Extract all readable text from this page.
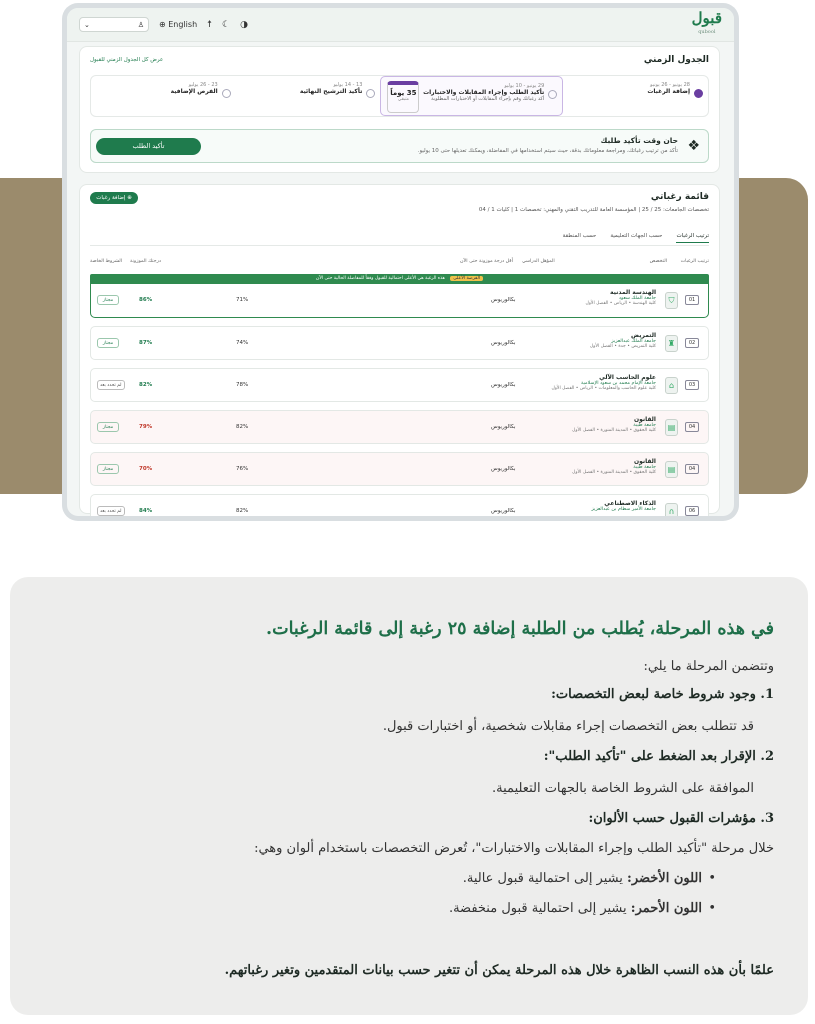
قبول
qubool
⌄	♙ ⊕ English ☨ ☾ ◑
الجدول الزمني
عرض كل الجدول الزمني للقبول
28 يونيو - 26 يونيو
إضافة الرغبات
29 يونيو - 10 يوليو
تأكيد الطلب وإجراء المقابلات والاختبارات
أكد رغباتك وقم بإجراء المقابلات أو الاختبارات المطلوبة
35 يوماً
متبقي
13 - 14 يوليو
تأكيد الترشيح النهائية
23 - 26 يوليو
الفرص الإضافية
❖
حان وقت تأكيد طلبك
تأكد من ترتيب رغباتك، ومراجعة معلوماتك بدقة، حيث سيتم استخدامها في المفاضلة، ويمكنك تعديلها حتى 10 يوليو.
تأكيد الطلب
⊕ إضافة رغبات	قائمة رغباتي
تخصصات الجامعات: 25 / 25 | المؤسسة العامة للتدريب التقني والمهني: تخصصات 1 | كليات 1 / 04
ترتيب الرغبات
حسب الجهات التعليمية
حسب المنطقة
ترتيب الرغبات
التخصص
المؤهل الدراسي
أقل درجة موزونة حتى الآن
درجتك الموزونة
الشروط الخاصة
الفرصة الأعلى هذه الرغبة هي الأعلى احتمالية للقبول وفقاً للمفاضلة الحالية حتى الآن
01
⛉
الهندسة المدنية
جامعة الملك سعود
كلية الهندسة • الرياض • الفصل الأول
بكالوريوس
71%
86%
مجتاز
02
♜
التمريض
جامعة الملك عبدالعزيز
كلية التمريض • جدة • الفصل الأول
بكالوريوس
74%
87%
مجتاز
03
⌂
علوم الحاسب الآلي
جامعة الإمام محمد بن سعود الإسلامية
كلية علوم الحاسب والمعلومات • الرياض • الفصل الأول
بكالوريوس
78%
82%
لم تحدد بعد
04
▤
القانون
جامعة طيبة
كلية الحقوق • المدينة المنورة • الفصل الأول
بكالوريوس
82%
79%
مجتاز
04
▤
القانون
جامعة طيبة
كلية الحقوق • المدينة المنورة • الفصل الأول
بكالوريوس
76%
70%
مجتاز
06
∩
الذكاء الاصطناعي
جامعة الأمير سطام بن عبدالعزيز
بكالوريوس
82%
84%
لم تحدد بعد
في هذه المرحلة، يُطلب من الطلبة إضافة ٢٥ رغبة إلى قائمة الرغبات.
وتتضمن المرحلة ما يلي:
1. وجود شروط خاصة لبعض التخصصات:
قد تتطلب بعض التخصصات إجراء مقابلات شخصية، أو اختبارات قبول.
2. الإقرار بعد الضغط على "تأكيد الطلب":
الموافقة على الشروط الخاصة بالجهات التعليمية.
3. مؤشرات القبول حسب الألوان:
خلال مرحلة "تأكيد الطلب وإجراء المقابلات والاختبارات"، تُعرض التخصصات باستخدام ألوان وهي:
• اللون الأخضر: يشير إلى احتمالية قبول عالية.
• اللون الأحمر: يشير إلى احتمالية قبول منخفضة.
علمًا بأن هذه النسب الظاهرة خلال هذه المرحلة يمكن أن تتغير حسب بيانات المتقدمين وتغير رغباتهم.
